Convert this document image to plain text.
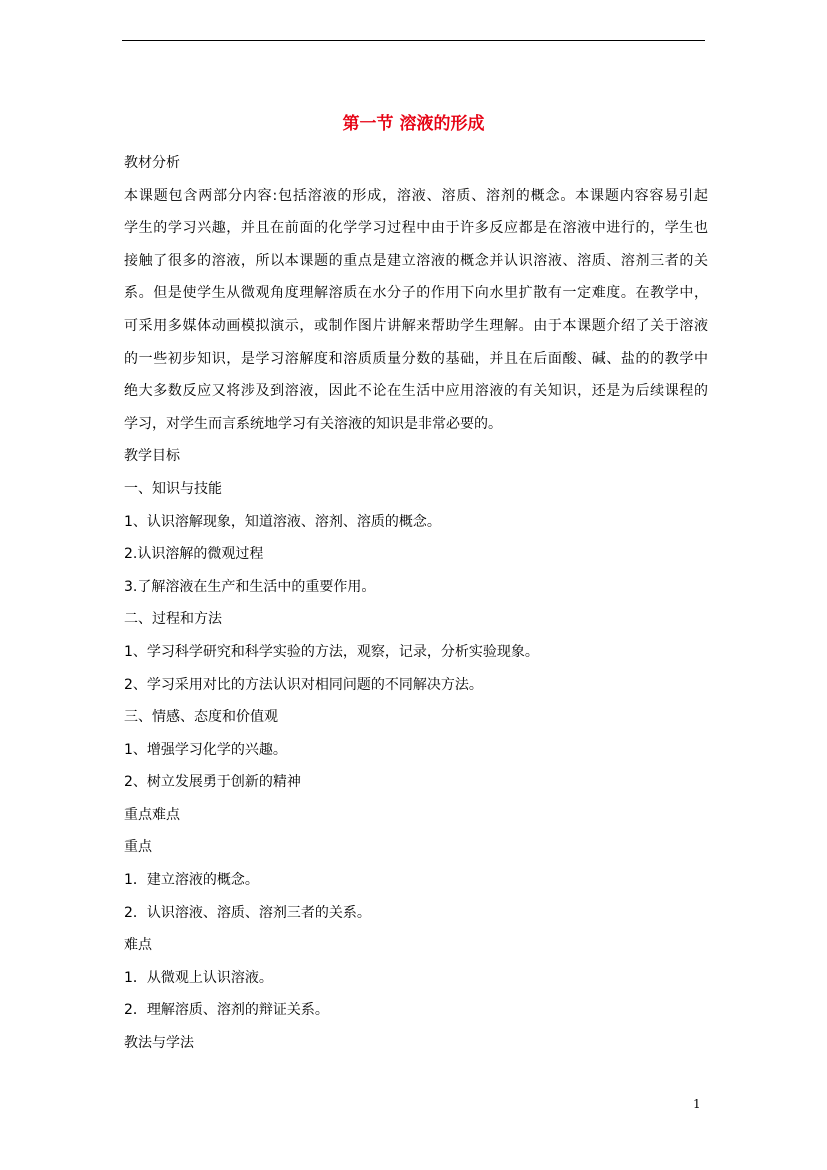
第一节 溶液的形成
教材分析
本课题包含两部分内容:包括溶液的形成，溶液、溶质、溶剂的概念。本课题内容容易引起
学生的学习兴趣，并且在前面的化学学习过程中由于许多反应都是在溶液中进行的，学生也
接触了很多的溶液，所以本课题的重点是建立溶液的概念并认识溶液、溶质、溶剂三者的关
系。但是使学生从微观角度理解溶质在水分子的作用下向水里扩散有一定难度。在教学中，
可采用多媒体动画模拟演示，或制作图片讲解来帮助学生理解。由于本课题介绍了关于溶液
的一些初步知识，是学习溶解度和溶质质量分数的基础，并且在后面酸、碱、盐的的教学中
绝大多数反应又将涉及到溶液，因此不论在生活中应用溶液的有关知识，还是为后续课程的
学习，对学生而言系统地学习有关溶液的知识是非常必要的。
教学目标
一、知识与技能
1、认识溶解现象，知道溶液、溶剂、溶质的概念。
2.认识溶解的微观过程
3.了解溶液在生产和生活中的重要作用。
二、过程和方法
1、学习科学研究和科学实验的方法，观察，记录，分析实验现象。
2、学习采用对比的方法认识对相同问题的不同解决方法。
三、情感、态度和价值观
1、增强学习化学的兴趣。
2、树立发展勇于创新的精神
重点难点
重点
1．建立溶液的概念。
2．认识溶液、溶质、溶剂三者的关系。
难点
1．从微观上认识溶液。
2．理解溶质、溶剂的辩证关系。
教法与学法
1
